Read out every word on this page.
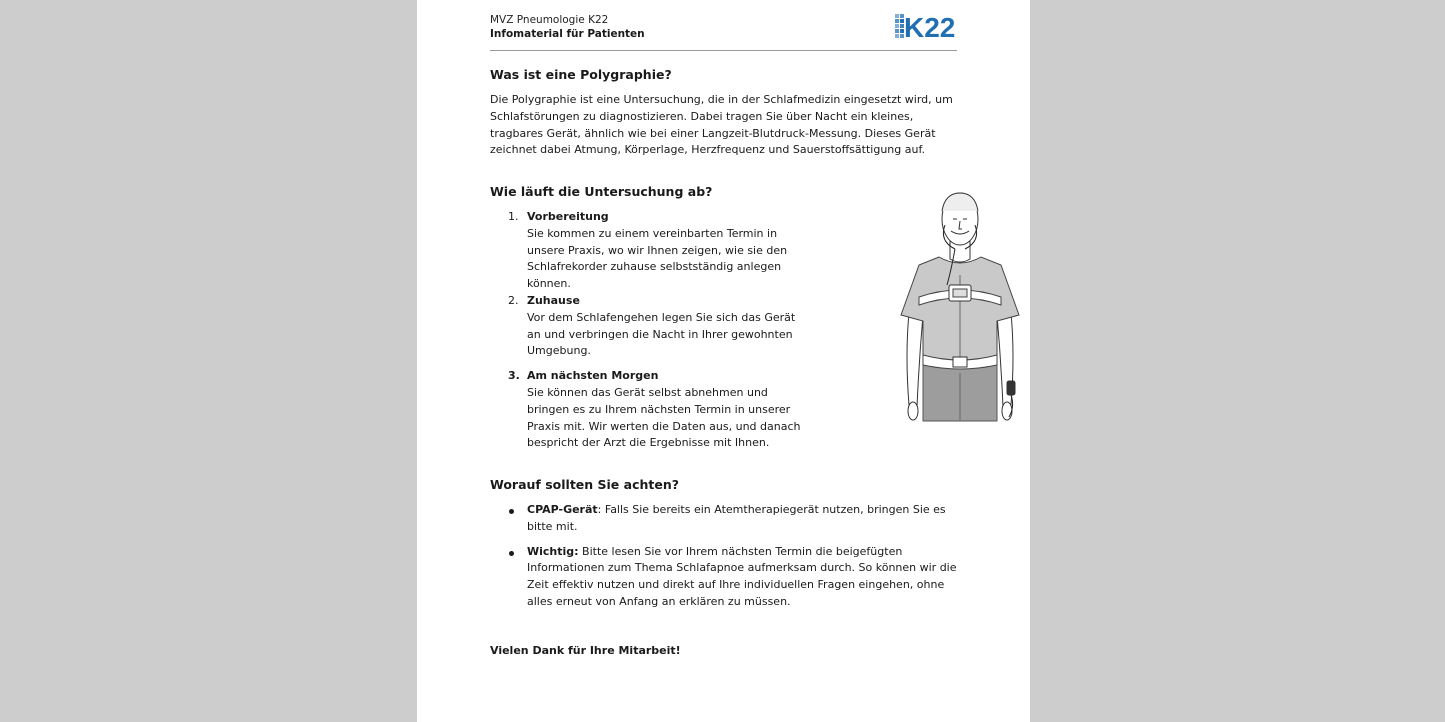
MVZ Pneumologie K22
Infomaterial für Patienten	K22
Was ist eine Polygraphie?

Die Polygraphie ist eine Untersuchung, die in der Schlafmedizin eingesetzt wird, um Schlafstörungen zu diagnostizieren. Dabei tragen Sie über Nacht ein kleines, tragbares Gerät, ähnlich wie bei einer Langzeit-Blutdruck-Messung. Dieses Gerät zeichnet dabei Atmung, Körperlage, Herzfrequenz und Sauerstoffsättigung auf.

Wie läuft die Untersuchung ab?
1. Vorbereitung
Sie kommen zu einem vereinbarten Termin in unsere Praxis, wo wir Ihnen zeigen, wie sie den Schlafrekorder zuhause selbstständig anlegen können.
2. Zuhause
Vor dem Schlafengehen legen Sie sich das Gerät an und verbringen die Nacht in Ihrer gewohnten Umgebung.
3. Am nächsten Morgen
Sie können das Gerät selbst abnehmen und bringen es zu Ihrem nächsten Termin in unserer Praxis mit. Wir werten die Daten aus, und danach bespricht der Arzt die Ergebnisse mit Ihnen.
Worauf sollten Sie achten?
CPAP-Gerät: Falls Sie bereits ein Atemtherapiegerät nutzen, bringen Sie es bitte mit.
Wichtig: Bitte lesen Sie vor Ihrem nächsten Termin die beigefügten Informationen zum Thema Schlafapnoe aufmerksam durch. So können wir die Zeit effektiv nutzen und direkt auf Ihre individuellen Fragen eingehen, ohne alles erneut von Anfang an erklären zu müssen.
Vielen Dank für Ihre Mitarbeit!
